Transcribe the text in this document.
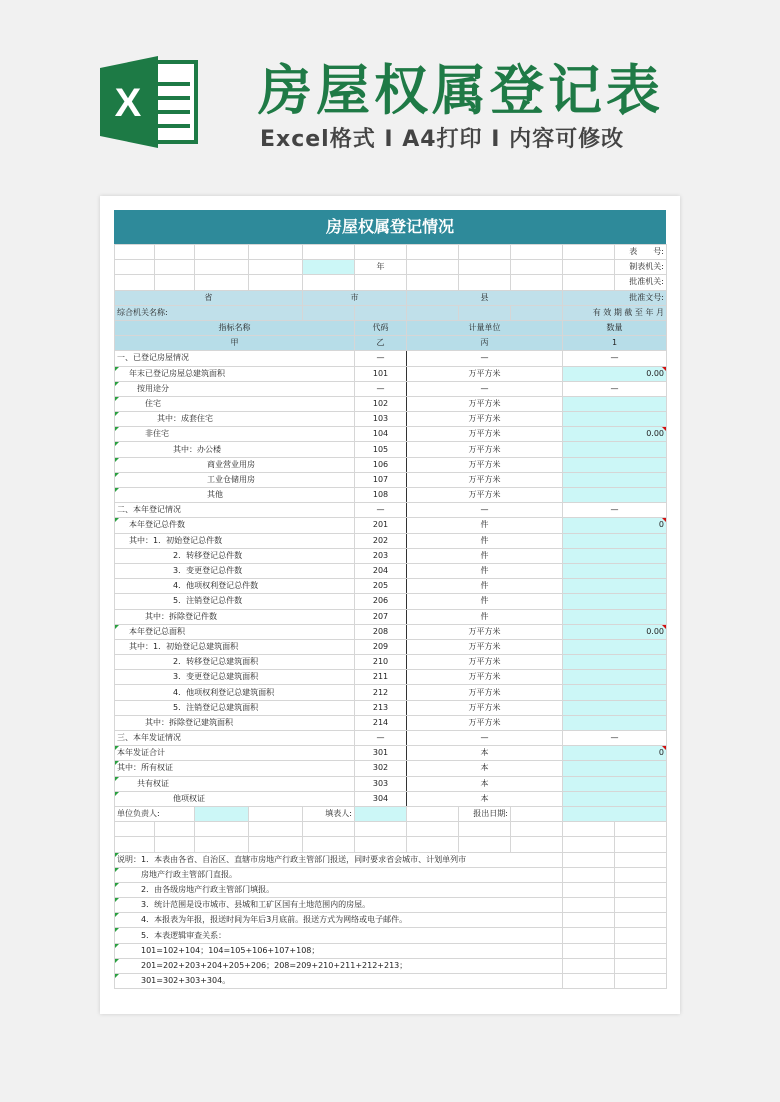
X 房屋权属登记表
Excel格式 Ⅰ A4打印 Ⅰ 内容可修改
房屋权属登记情况
										表　　号:
					年					制表机关:
										批准机关:
省				市		县			批准文号:	
综合机关名称:									有 效 期 截 至 年 月	
指标名称					代码	计量单位			数量	
甲					乙	丙			1	
一、已登记房屋情况					—	—			—	
年末已登记房屋总建筑面积					101	万平方米			0.00	
按用途分					—	—			—	
住宅					102	万平方米				
其中：成套住宅					103	万平方米				
非住宅					104	万平方米			0.00	
其中：办公楼					105	万平方米				
商业营业用房					106	万平方米				
工业仓储用房					107	万平方米				
其他					108	万平方米				
二、本年登记情况					—	—			—	
本年登记总件数					201	件			0	
其中：1．初始登记总件数					202	件				
2．转移登记总件数					203	件				
3．变更登记总件数					204	件				
4．他项权利登记总件数					205	件				
5．注销登记总件数					206	件				
其中：拆除登记件数					207	件				
本年登记总面积					208	万平方米			0.00	
其中：1．初始登记总建筑面积					209	万平方米				
2．转移登记总建筑面积					210	万平方米				
3．变更登记总建筑面积					211	万平方米				
4．他项权利登记总建筑面积					212	万平方米				
5．注销登记总建筑面积					213	万平方米				
其中：拆除登记建筑面积					214	万平方米				
三、本年发证情况					—	—			—	
本年发证合计					301	本			0	
其中：所有权证					302	本				
共有权证					303	本				
他项权证					304	本				
单位负责人:				填表人:			报出日期:			

说明：1．本表由各省、自治区、直辖市房地产行政主管部门报送，同时要求省会城市、计划单列市										
房地产行政主管部门直报。										
2．由各级房地产行政主管部门填报。										
3．统计范围是设市城市、县城和工矿区国有土地范围内的房屋。										
4．本报表为年报，报送时间为年后3月底前。报送方式为网络或电子邮件。										
5．本表逻辑审查关系：										
101=102+104；104=105+106+107+108；										
201=202+203+204+205+206；208=209+210+211+212+213；										
301=302+303+304。										
